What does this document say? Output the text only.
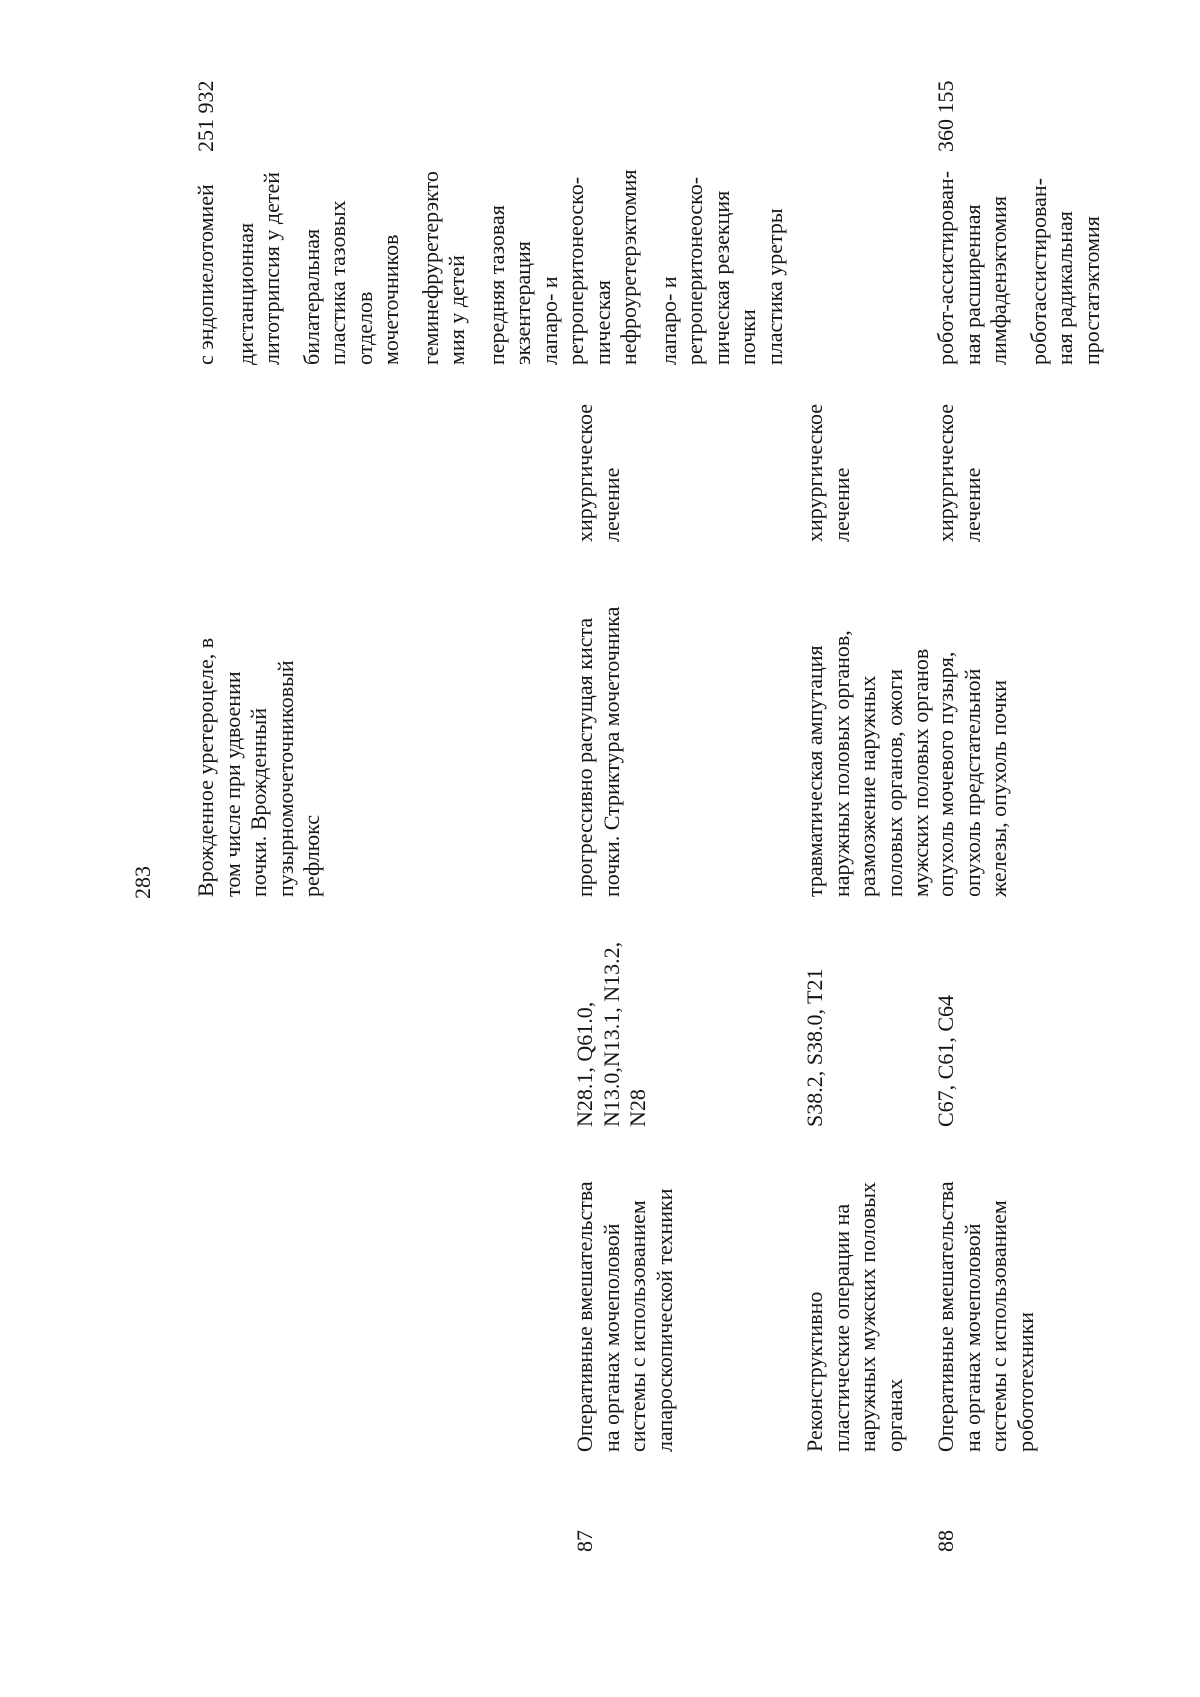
283 Врожденное уретероцеле, в том числе при удвоении почки. Врожденный пузырномочеточниковый рефлюкс
с эндопиелотомией дистанционная литотрипсия у детей билатеральная пластика тазовых отделов мочеточников геминефруретерэкто мия у детей передняя тазовая экзентерация лапаро- и ретроперитонеоско- пическая нефроуретерэктомия лапаро- и ретроперитонеоско- пическая резекция почки пластика уретры
87
Оперативные вмешательства на органах мочеполовой системы с использованием лапароскопической техники
N28.1, Q61.0, N13.0,N13.1, N13.2, N28
прогрессивно растущая киста почки. Стриктура мочеточника
хирургическое лечение
251 932
Реконструктивно пластические операции на наружных мужских половых органах
S38.2, S38.0, T21
травматическая ампутация наружных половых органов, размозжение наружных половых органов, ожоги мужских половых органов
хирургическое лечение
88
Оперативные вмешательства на органах мочеполовой системы с использованием робототехники
C67, C61, C64
опухоль мочевого пузыря, опухоль предстательной железы, опухоль почки
хирургическое лечение
робот-ассистирован- ная расширенная лимфаденэктомия роботассистирован- ная радикальная простатэктомия
360 155
